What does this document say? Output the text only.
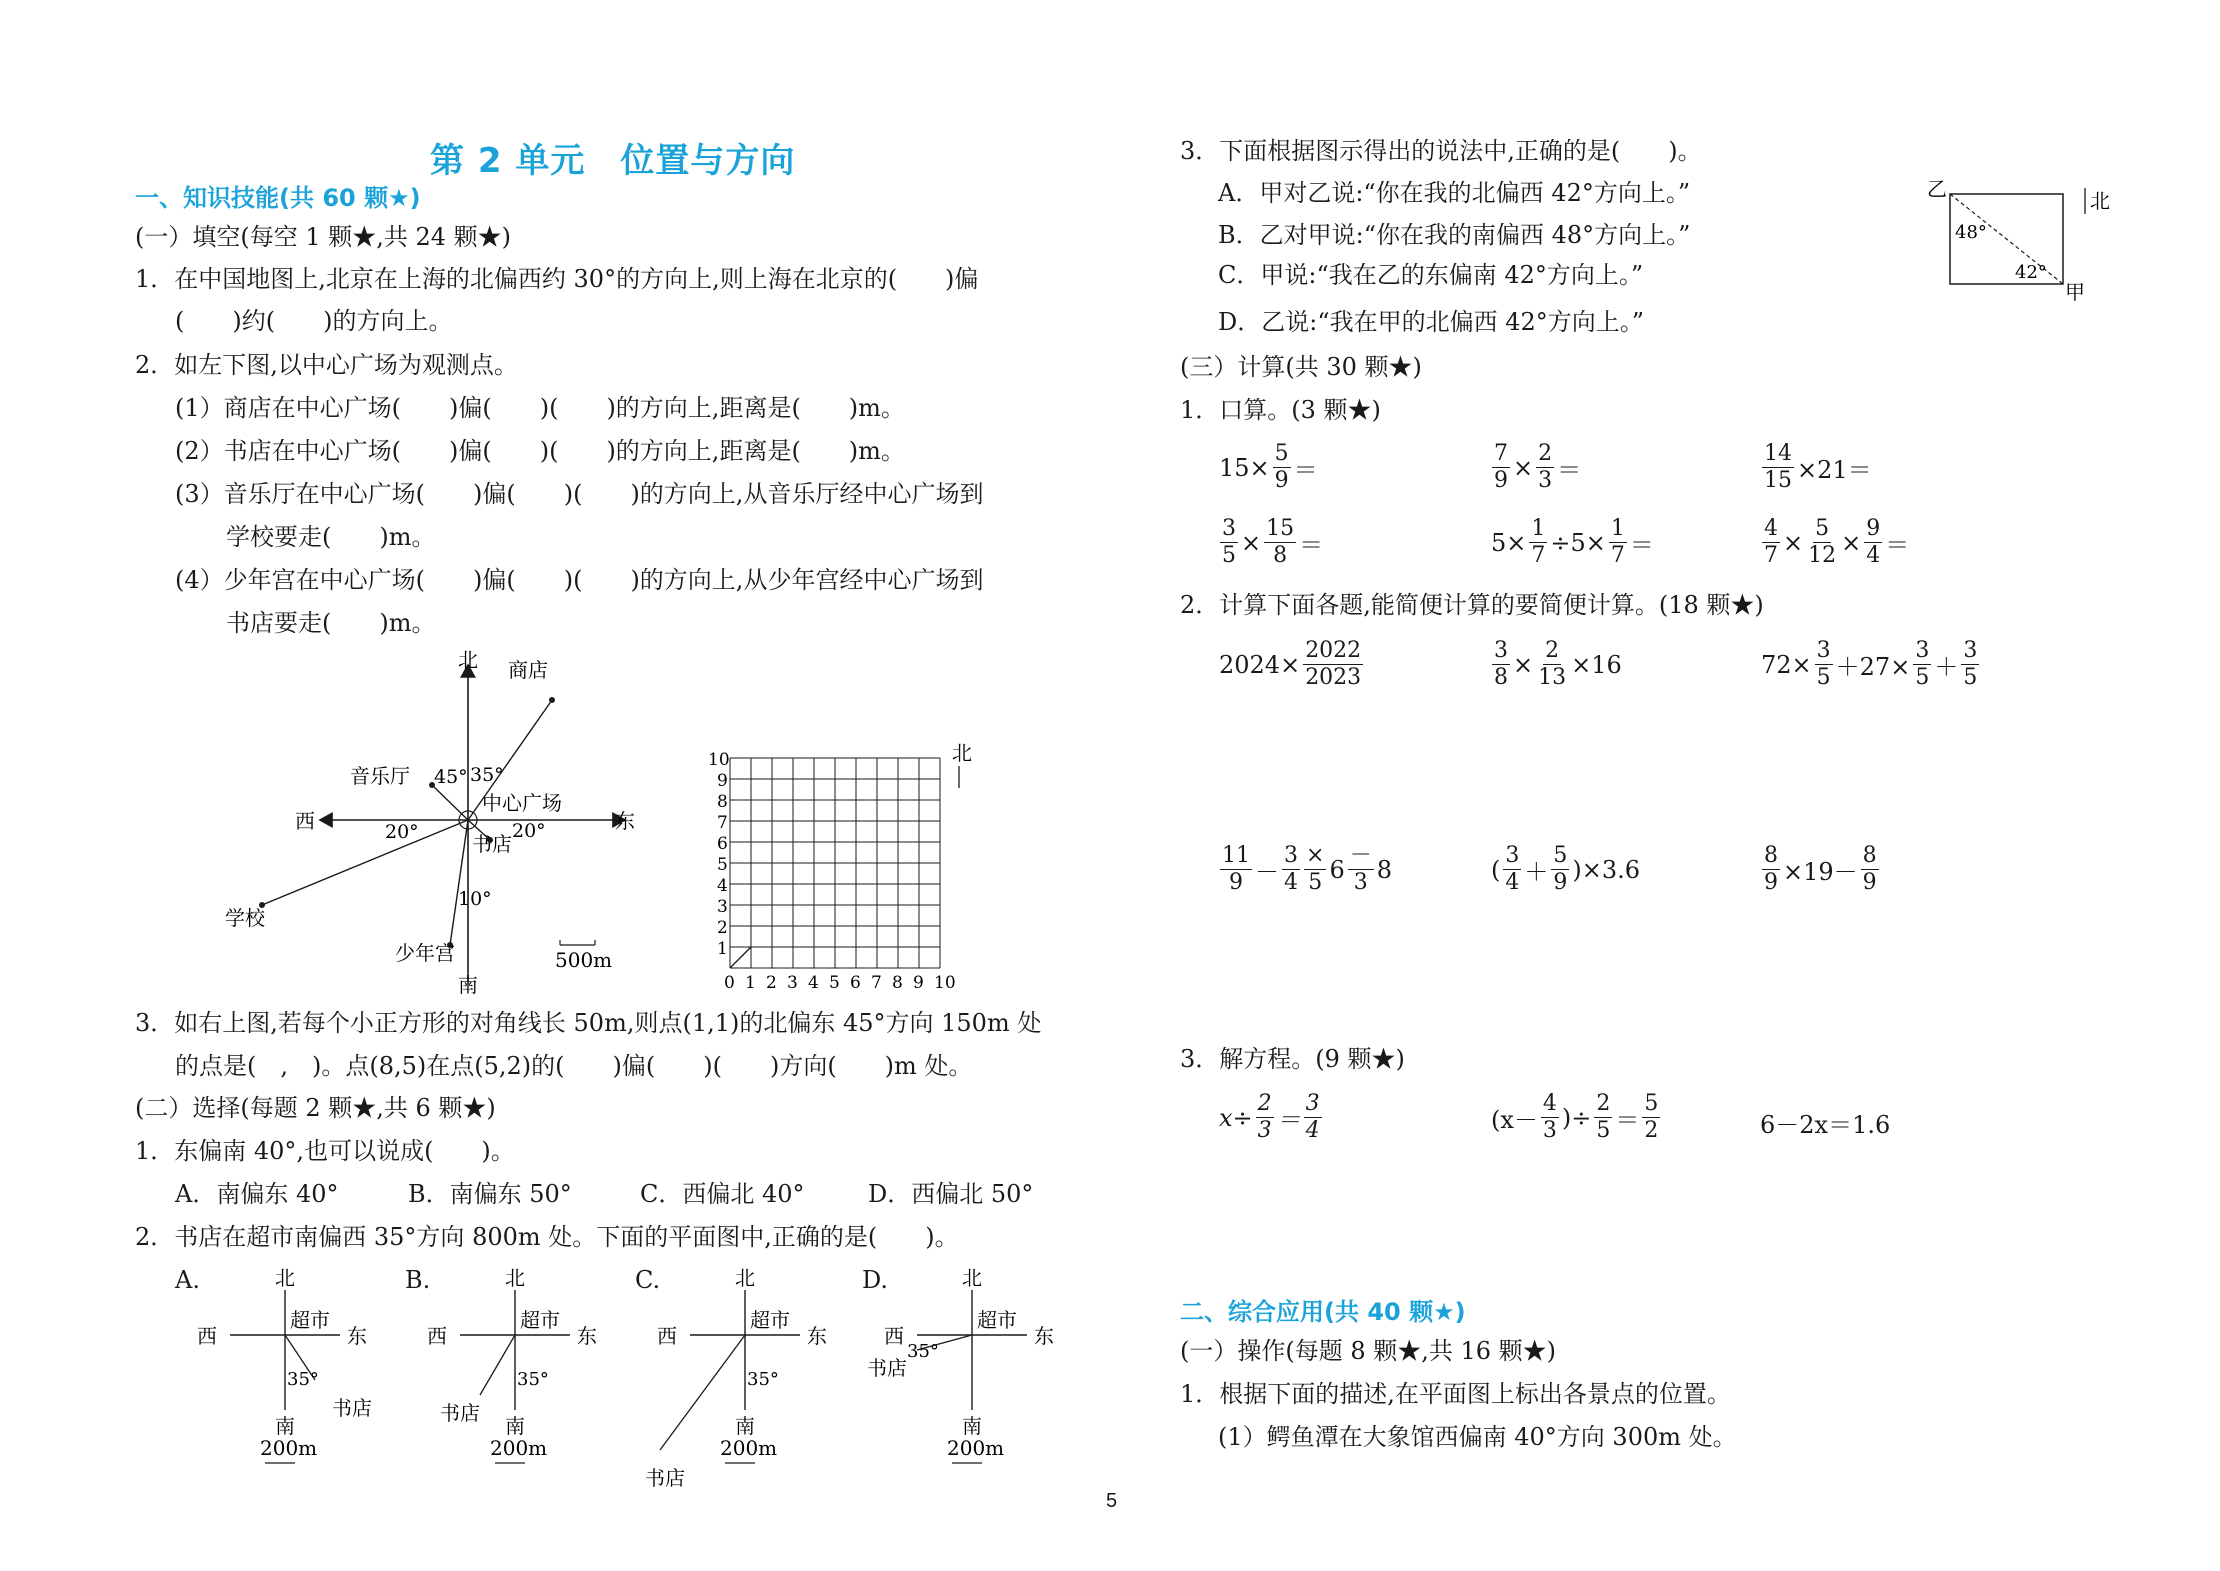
第 2 单元　位置与方向
一、知识技能(共 60 颗★)
(一）填空(每空 1 颗★,共 24 颗★)
1．在中国地图上,北京在上海的北偏西约 30°的方向上,则上海在北京的(　　)偏
(　　)约(　　)的方向上。
2．如左下图,以中心广场为观测点。
(1）商店在中心广场(　　)偏(　　)(　　)的方向上,距离是(　　)m。
(2）书店在中心广场(　　)偏(　　)(　　)的方向上,距离是(　　)m。
(3）音乐厅在中心广场(　　)偏(　　)(　　)的方向上,从音乐厅经中心广场到
学校要走(　　)m。
(4）少年宫在中心广场(　　)偏(　　)(　　)的方向上,从少年宫经中心广场到
书店要走(　　)m。
北
南
西	东
商店
音乐厅
中心广场
书店
学校
少年宫
45° 35°
20°	20°
10°
500m
北
0 1 2 3 4 5 6 7 8 9 10
1
2
3
4
5
6
7
8
9
10
3．如右上图,若每个小正方形的对角线长 50m,则点(1,1)的北偏东 45°方向 150m 处
的点是(　,　)。点(8,5)在点(5,2)的(　　)偏(　　)(　　)方向(　　)m 处。
(二）选择(每题 2 颗★,共 6 颗★)
1．东偏南 40°,也可以说成(　　)。
A．南偏东 40°	B．南偏东 50°	C．西偏北 40°	D．西偏北 50°
2．书店在超市南偏西 35°方向 800m 处。下面的平面图中,正确的是(　　)。
A.	北
南
西	东
超市
书店
35°
200m
B.	北
南
西	东
超市
书店
35°
200m
C.	北
南
西	东
超市
书店
35°
200m
D.	北
南
西	东
超市
书店
35°
200m
3．下面根据图示得出的说法中,正确的是(　　)。
A．甲对乙说:“你在我的北偏西 42°方向上。”
B．乙对甲说:“你在我的南偏西 48°方向上。”
C．甲说:“我在乙的东偏南 42°方向上。”
D．乙说:“我在甲的北偏西 42°方向上。”
乙
甲
48°
42°
北
(三）计算(共 30 颗★)
1．口算。(3 颗★)
$15\times \frac{5}{9}$ ＝	$\frac{7}{9} \times \frac{2}{3}$ ＝	$\frac{14}{15} \times 21=$
$\frac{3}{5} \times \frac{15}{8}$ ＝	$5\times \frac{1}{7} \div 5\times \frac{1}{7}$ ＝	$\frac{4}{7} \times \frac{5}{12} \times \frac{9}{4}$ ＝
2．计算下面各题,能简便计算的要简便计算。(18 颗★)
$2024\times \frac{2022}{2023}$	$\frac{3}{8} \times \frac{2}{13} \times 16$	$72\times \frac{3}{5} +27\times \frac{3}{5} + \frac{3}{5}$
$\frac{11}{9} - \frac{3}{4} \frac{\times}{5} 6 \frac{-}{3} 8$	( $\frac{3}{4} + \frac{5}{9} )\times 3.6$	$\frac{8}{9} \times 19- \frac{8}{9}$
3．解方程。(9 颗★)
$x\div \frac{2}{3} = \frac{3}{4}$	($x- \frac{4}{3}$ )÷ $\frac{2}{5} = \frac{5}{2}$	6－2x＝1.6
二、综合应用(共 40 颗★)
(一）操作(每题 8 颗★,共 16 颗★)
1．根据下面的描述,在平面图上标出各景点的位置。
(1）鳄鱼潭在大象馆西偏南 40°方向 300m 处。
5
